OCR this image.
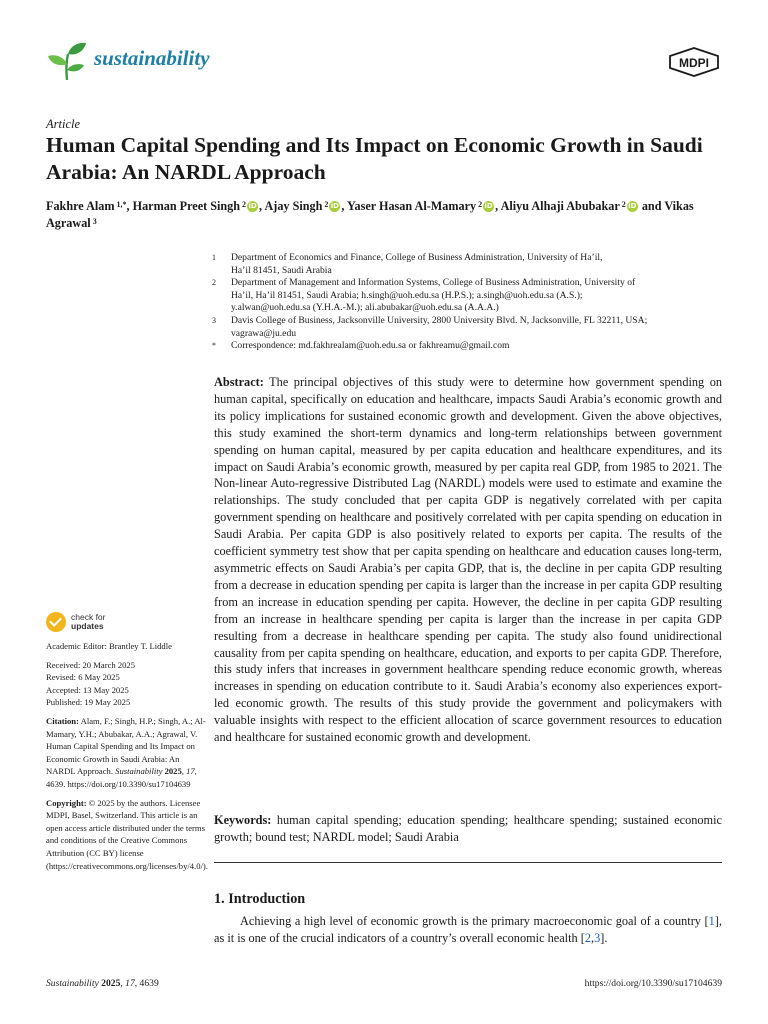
sustainability	MDPI
Article
Human Capital Spending and Its Impact on Economic Growth in Saudi Arabia: An NARDL Approach
Fakhre Alam $^{1,*}$, Harman Preet Singh $^2$ iD , Ajay Singh $^2$ iD , Yaser Hasan Al-Mamary $^2$ iD , Aliyu Alhaji Abubakar $^2$ iD and Vikas Agrawal $^3$
1	Department of Economics and Finance, College of Business Administration, University of Ha’il,
Ha’il 81451, Saudi Arabia
2	Department of Management and Information Systems, College of Business Administration, University of
Ha’il, Ha’il 81451, Saudi Arabia; h.singh@uoh.edu.sa (H.P.S.); a.singh@uoh.edu.sa (A.S.);
y.alwan@uoh.edu.sa (Y.H.A.-M.); ali.abubakar@uoh.edu.sa (A.A.A.)
3	Davis College of Business, Jacksonville University, 2800 University Blvd. N, Jacksonville, FL 32211, USA;
vagrawa@ju.edu
*	Correspondence: md.fakhrealam@uoh.edu.sa or fakhreamu@gmail.com

Abstract: The principal objectives of this study were to determine how government spending on human capital, specifically on education and healthcare, impacts Saudi Arabia’s economic growth and its policy implications for sustained economic growth and development. Given the above objectives, this study examined the short-term dynamics and long-term relationships between government spending on human capital, measured by per capita education and healthcare expenditures, and its impact on Saudi Arabia’s economic growth, measured by per capita real GDP, from 1985 to 2021. The Non-linear Auto-regressive Distributed Lag (NARDL) models were used to estimate and examine the relationships. The study concluded that per capita GDP is negatively correlated with per capita government spending on healthcare and positively correlated with per capita spending on education in Saudi Arabia. Per capita GDP is also positively related to exports per capita. The results of the coefficient symmetry test show that per capita spending on healthcare and education causes long-term, asymmetric effects on Saudi Arabia’s per capita GDP, that is, the decline in per capita GDP resulting from a decrease in education spending per capita is larger than the increase in per capita GDP resulting from an increase in education spending per capita. However, the decline in per capita GDP resulting from an increase in healthcare spending per capita is larger than the increase in per capita GDP resulting from a decrease in healthcare spending per capita. The study also found unidirectional causality from per capita spending on healthcare, education, and exports to per capita GDP. Therefore, this study infers that increases in government healthcare spending reduce economic growth, whereas increases in spending on education contribute to it. Saudi Arabia’s economy also experiences export-led economic growth. The results of this study provide the government and policymakers with valuable insights with respect to the efficient allocation of scarce government resources to education and healthcare for sustained economic growth and development.

Keywords: human capital spending; education spending; healthcare spending; sustained economic growth; bound test; NARDL model; Saudi Arabia

1. Introduction

Achieving a high level of economic growth is the primary macroeconomic goal of a country [1], as it is one of the crucial indicators of a country’s overall economic health [2,3].

check for
updates

Academic Editor: Brantley T. Liddle

Received: 20 March 2025

Revised: 6 May 2025

Accepted: 13 May 2025

Published: 19 May 2025

Citation: Alam, F.; Singh, H.P.; Singh, A.; Al-Mamary, Y.H.; Abubakar, A.A.; Agrawal, V. Human Capital Spending and Its Impact on Economic Growth in Saudi Arabia: An NARDL Approach. Sustainability 2025, 17, 4639. https://doi.org/10.3390/su17104639

Copyright: © 2025 by the authors. Licensee MDPI, Basel, Switzerland. This article is an open access article distributed under the terms and conditions of the Creative Commons Attribution (CC BY) license (https://creativecommons.org/licenses/by/4.0/).

Sustainability 2025, 17, 4639	https://doi.org/10.3390/su17104639
